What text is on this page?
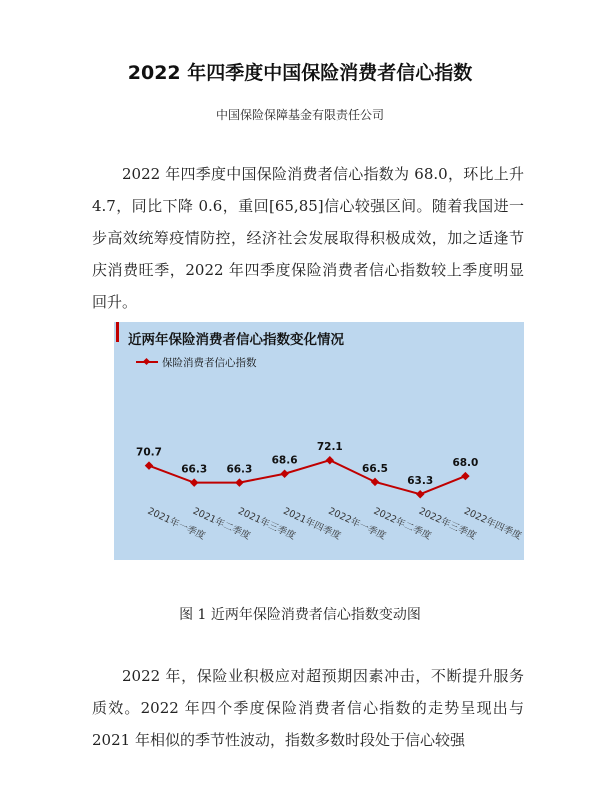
2022 年四季度中国保险消费者信心指数
中国保险保障基金有限责任公司

2022 年四季度中国保险消费者信心指数为 68.0，环比上升 4.7，同比下降 0.6，重回[65,85]信心较强区间。随着我国进一步高效统筹疫情防控，经济社会发展取得积极成效，加之适逢节庆消费旺季，2022 年四季度保险消费者信心指数较上季度明显回升。

近两年保险消费者信心指数变化情况
保险消费者信心指数
70.7
2021年一季度
66.3
2021年二季度
66.3
2021年三季度
68.6
2021年四季度
72.1
2022年一季度
66.5
2022年二季度
63.3
2022年三季度
68.0
2022年四季度
图 1 近两年保险消费者信心指数变动图

2022 年，保险业积极应对超预期因素冲击，不断提升服务质效。2022 年四个季度保险消费者信心指数的走势呈现出与 2021 年相似的季节性波动，指数多数时段处于信心较强
